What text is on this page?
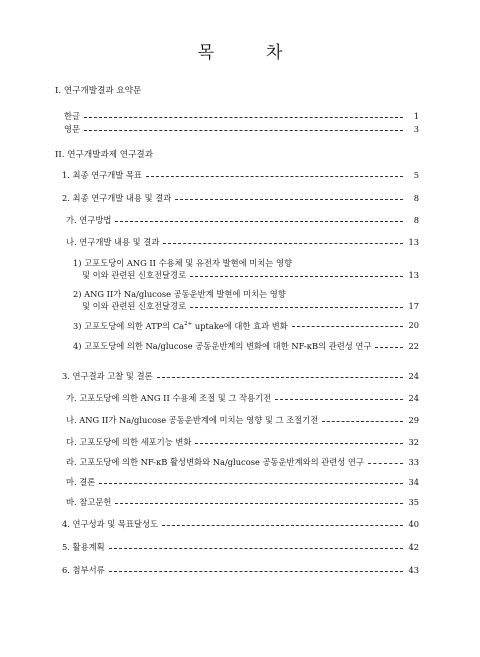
목	차
I. 연구개발결과 요약문
한글	1
영문	3
II. 연구개발과제 연구결과
1. 최종 연구개발 목표	5
2. 최종 연구개발 내용 및 결과	8
가. 연구방법	8
나. 연구개발 내용 및 결과	13
1) 고포도당이 ANG II 수용체 및 유전자 발현에 미치는 영향
및 이와 관련된 신호전달경로	13
2) ANG II가 Na/glucose 공동운반계 발현에 미치는 영향
및 이와 관련된 신호전달경로	17
3) 고포도당에 의한 ATP의 $Ca^{2+}$ uptake에 대한 효과 변화	20
4) 고포도당에 의한 Na/glucose 공동운반계의 변화에 대한 NF-κB의 관련성 연구	22
3. 연구결과 고찰 및 결론	24
가. 고포도당에 의한 ANG II 수용체 조절 및 그 작용기전	24
나. ANG II가 Na/glucose 공동운반계에 미치는 영향 및 그 조절기전	29
다. 고포도당에 의한 세포기능 변화	32
라. 고포도당에 의한 NF-κB 활성변화와 Na/glucose 공동운반계와의 관련성 연구	33
마. 결론	34
바. 참고문헌	35
4. 연구성과 및 목표달성도	40
5. 활용계획	42
6. 첨부서류	43
